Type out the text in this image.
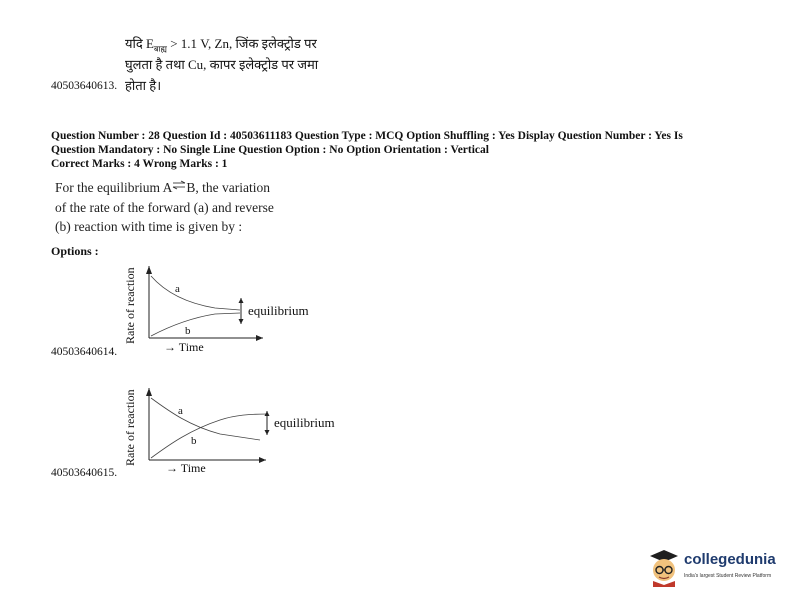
यदि $E_{बाह्य} > 1.1$ V, Zn, जिंक इलेक्ट्रोड पर
घुलता है तथा Cu, कापर इलेक्ट्रोड पर जमा
होता है।
40503640613.
Question Number : 28 Question Id : 40503611183 Question Type : MCQ Option Shuffling : Yes Display Question Number : Yes Is
Question Mandatory : No Single Line Question Option : No Option Orientation : Vertical
Correct Marks : 4 Wrong Marks : 1
For the equilibrium A⇌B, the variation
of the rate of the forward (a) and reverse
(b) reaction with time is given by :
Options :
Rate of reaction	a
b
equilibrium
→ Time
40503640614.
Rate of reaction	a
b
equilibrium
→ Time
40503640615.
collegedunia
India's largest Student Review Platform
